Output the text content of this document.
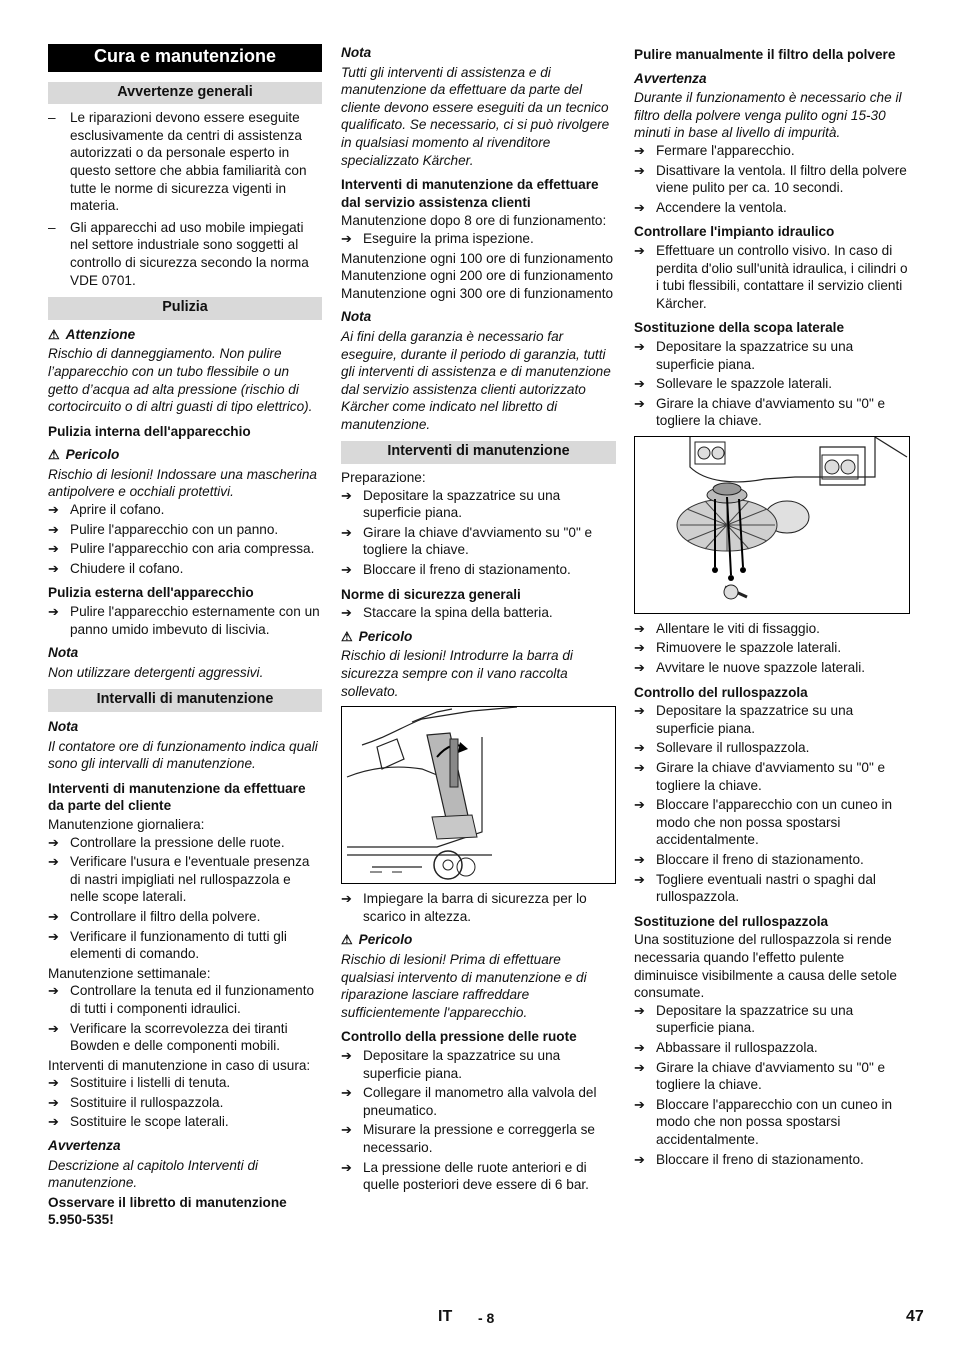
Cura e manutenzione
Avvertenze generali
–	Le riparazioni devono essere eseguite esclusivamente da centri di assistenza autorizzati o da personale esperto in questo settore che abbia familiarità con tutte le norme di sicurezza vigenti in materia.
–	Gli apparecchi ad uso mobile impiegati nel settore industriale sono soggetti al controllo di sicurezza secondo la norma VDE 0701.
Pulizia
⚠ Attenzione

Rischio di danneggiamento. Non pulire l’apparecchio con un tubo flessibile o un getto d’acqua ad alta pressione (rischio di cortocircuito o di altri guasti di tipo elettrico).

Pulizia interna dell'apparecchio
⚠ Pericolo

Rischio di lesioni! Indossare una mascherina antipolvere e occhiali protettivi.

➔ Aprire il cofano.
➔ Pulire l'apparecchio con un panno.
➔ Pulire l'apparecchio con aria compressa.
➔ Chiudere il cofano.
Pulizia esterna dell'apparecchio
➔ Pulire l'apparecchio esternamente con un panno umido imbevuto di liscivia.
Nota

Non utilizzare detergenti aggressivi.

Intervalli di manutenzione
Nota

Il contatore ore di funzionamento indica quali sono gli intervalli di manutenzione.

Interventi di manutenzione da effettuare da parte del cliente

Manutenzione giornaliera:

➔ Controllare la pressione delle ruote.
➔ Verificare l'usura e l'eventuale presenza di nastri impigliati nel rullospazzola e nelle scope laterali.
➔ Controllare il filtro della polvere.
➔ Verificare il funzionamento di tutti gli elementi di comando.

Manutenzione settimanale:

➔ Controllare la tenuta ed il funzionamento di tutti i componenti idraulici.
➔ Verificare la scorrevolezza dei tiranti Bowden e delle componenti mobili.

Interventi di manutenzione in caso di usura:

➔ Sostituire i listelli di tenuta.
➔ Sostituire il rullospazzola.
➔ Sostituire le scope laterali.
Avvertenza

Descrizione al capitolo Interventi di manutenzione.

Osservare il libretto di manutenzione 5.950-535!
Nota

Tutti gli interventi di assistenza e di manutenzione da effettuare da parte del cliente devono essere eseguiti da un tecnico qualificato. Se necessario, ci si può rivolgere in qualsiasi momento al rivenditore specializzato Kärcher.

Interventi di manutenzione da effettuare dal servizio assistenza clienti

Manutenzione dopo 8 ore di funzionamento:

➔ Eseguire la prima ispezione.

Manutenzione ogni 100 ore di funzionamento

Manutenzione ogni 200 ore di funzionamento

Manutenzione ogni 300 ore di funzionamento

Nota

Ai fini della garanzia è necessario far eseguire, durante il periodo di garanzia, tutti gli interventi di assistenza e di manutenzione dal servizio assistenza clienti autorizzato Kärcher come indicato nel libretto di manutenzione.

Interventi di manutenzione

Preparazione:

➔ Depositare la spazzatrice su una superficie piana.
➔ Girare la chiave d'avviamento su "0" e togliere la chiave.
➔ Bloccare il freno di stazionamento.
Norme di sicurezza generali
➔ Staccare la spina della batteria.
⚠ Pericolo

Rischio di lesioni! Introdurre la barra di sicurezza sempre con il vano raccolta sollevato.

➔ Impiegare la barra di sicurezza per lo scarico in altezza.
⚠ Pericolo

Rischio di lesioni! Prima di effettuare qualsiasi intervento di manutenzione e di riparazione lasciare raffreddare sufficientemente l'apparecchio.

Controllo della pressione delle ruote
➔ Depositare la spazzatrice su una superficie piana.
➔ Collegare il manometro alla valvola del pneumatico.
➔ Misurare la pressione e correggerla se necessario.
➔ La pressione delle ruote anteriori e di quelle posteriori deve essere di 6 bar.
Pulire manualmente il filtro della polvere
Avvertenza

Durante il funzionamento è necessario che il filtro della polvere venga pulito ogni 15-30 minuti in base al livello di impurità.

➔ Fermare l'apparecchio.
➔ Disattivare la ventola. Il filtro della polvere viene pulito per ca. 10 secondi.
➔ Accendere la ventola.
Controllare l'impianto idraulico
➔ Effettuare un controllo visivo. In caso di perdita d'olio sull'unità idraulica, i cilindri o i tubi flessibili, contattare il servizio clienti Kärcher.
Sostituzione della scopa laterale
➔ Depositare la spazzatrice su una superficie piana.
➔ Sollevare le spazzole laterali.
➔ Girare la chiave d'avviamento su "0" e togliere la chiave.
➔ Allentare le viti di fissaggio.
➔ Rimuovere le spazzole laterali.
➔ Avvitare le nuove spazzole laterali.
Controllo del rullospazzola
➔ Depositare la spazzatrice su una superficie piana.
➔ Sollevare il rullospazzola.
➔ Girare la chiave d'avviamento su "0" e togliere la chiave.
➔ Bloccare l'apparecchio con un cuneo in modo che non possa spostarsi accidentalmente.
➔ Bloccare il freno di stazionamento.
➔ Togliere eventuali nastri o spaghi dal rullospazzola.
Sostituzione del rullospazzola

Una sostituzione del rullospazzola si rende necessaria quando l'effetto pulente diminuisce visibilmente a causa delle setole consumate.

➔ Depositare la spazzatrice su una superficie piana.
➔ Abbassare il rullospazzola.
➔ Girare la chiave d'avviamento su "0" e togliere la chiave.
➔ Bloccare l'apparecchio con un cuneo in modo che non possa spostarsi accidentalmente.
➔ Bloccare il freno di stazionamento.
IT - 8	47
